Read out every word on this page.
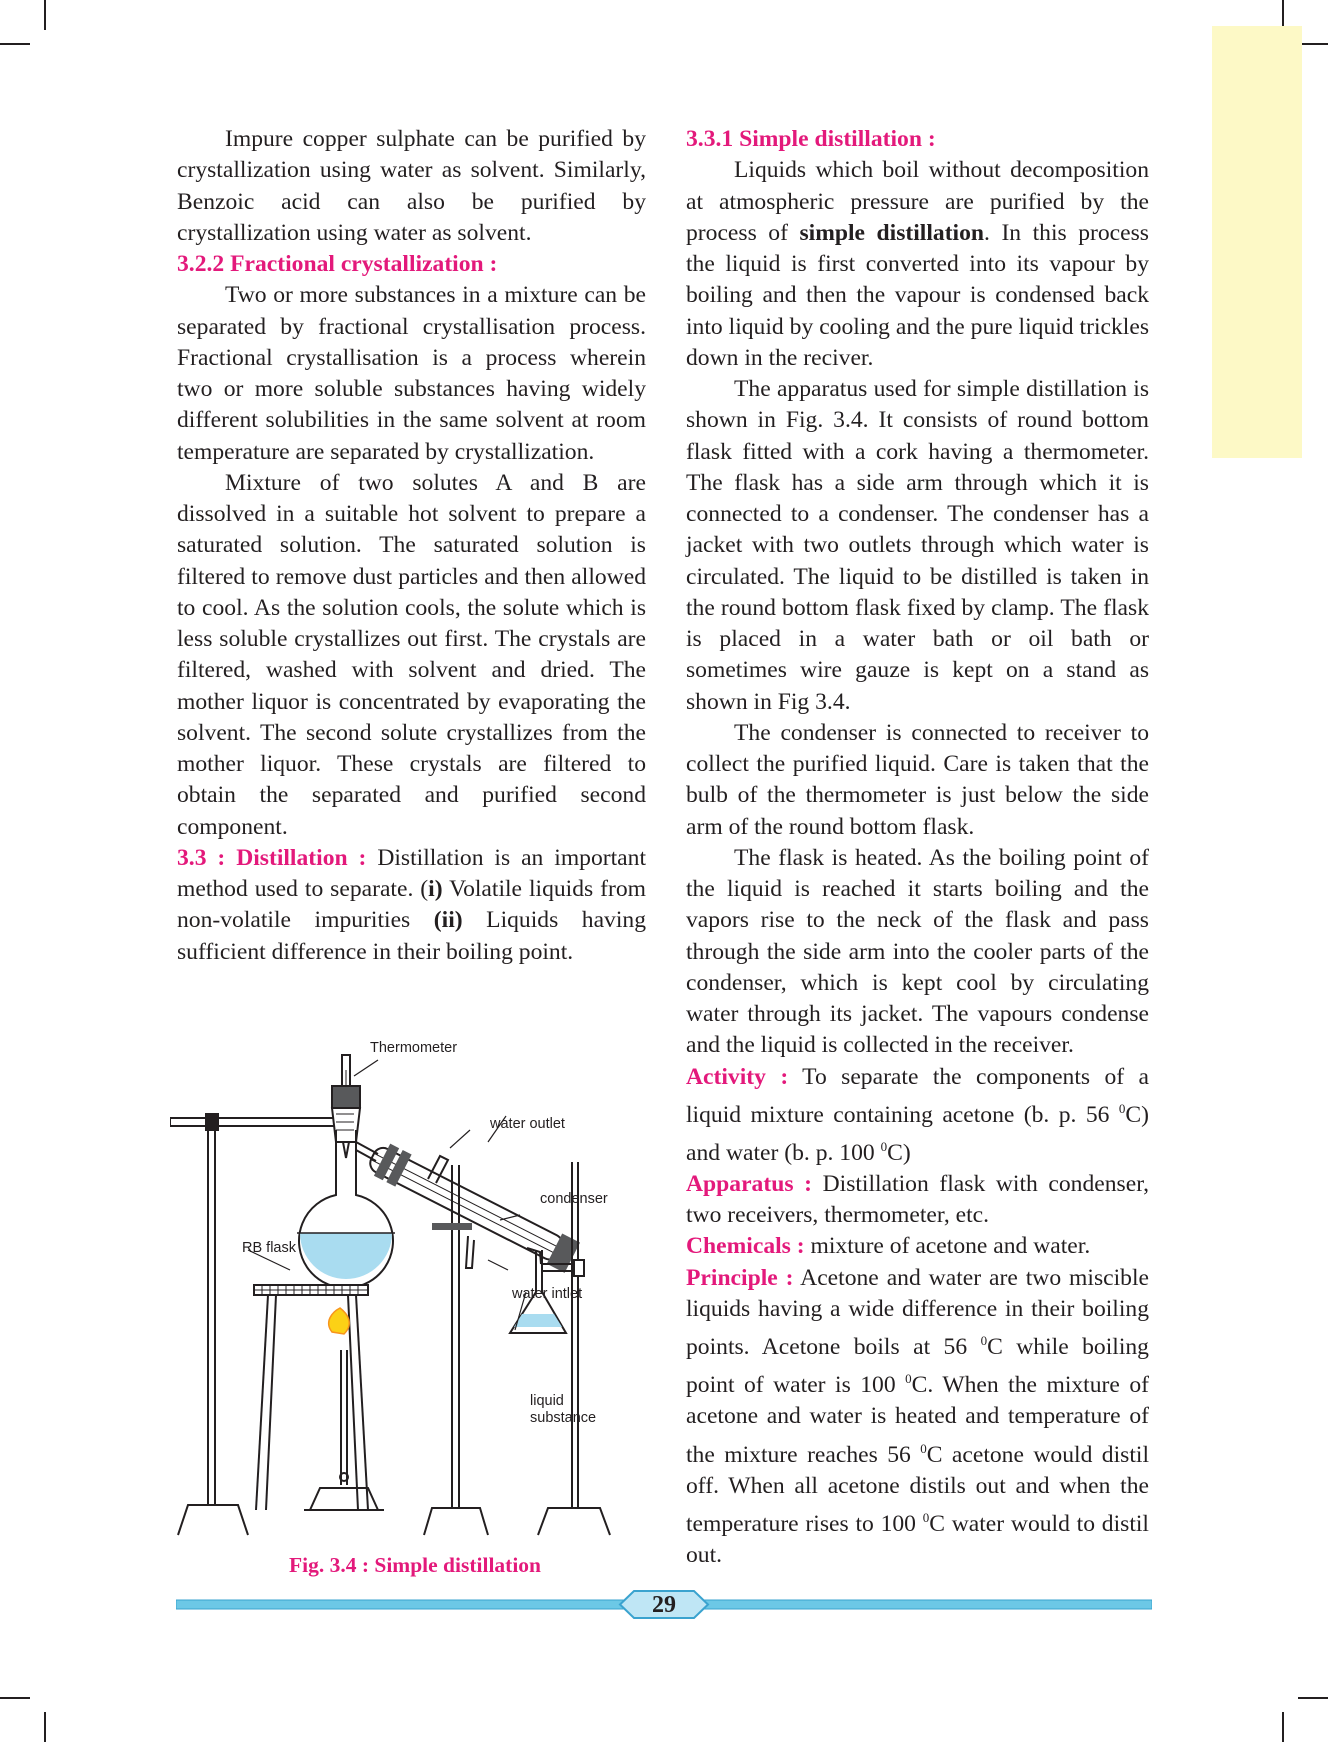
Impure copper sulphate can be purified by crystallization using water as solvent. Similarly, Benzoic acid can also be purified by crystallization using water as solvent.

3.2.2 Fractional crystallization :

Two or more substances in a mixture can be separated by fractional crystallisation process. Fractional crystallisation is a process wherein two or more soluble substances having widely different solubilities in the same solvent at room temperature are separated by crystallization.

Mixture of two solutes A and B are dissolved in a suitable hot solvent to prepare a saturated solution. The saturated solution is filtered to remove dust particles and then allowed to cool. As the solution cools, the solute which is less soluble crystallizes out first. The crystals are filtered, washed with solvent and dried. The mother liquor is concentrated by evaporating the solvent. The second solute crystallizes from the mother liquor. These crystals are filtered to obtain the separated and purified second component.

3.3 : Distillation : Distillation is an important method used to separate. (i) Volatile liquids from non-volatile impurities (ii) Liquids having sufficient difference in their boiling point.

3.3.1 Simple distillation :

Liquids which boil without decomposition at atmospheric pressure are purified by the process of simple distillation. In this process the liquid is first converted into its vapour by boiling and then the vapour is condensed back into liquid by cooling and the pure liquid trickles down in the reciver.

The apparatus used for simple distillation is shown in Fig. 3.4. It consists of round bottom flask fitted with a cork having a thermometer. The flask has a side arm through which it is connected to a condenser. The condenser has a jacket with two outlets through which water is circulated. The liquid to be distilled is taken in the round bottom flask fixed by clamp. The flask is placed in a water bath or oil bath or sometimes wire gauze is kept on a stand as shown in Fig 3.4.

The condenser is connected to receiver to collect the purified liquid. Care is taken that the bulb of the thermometer is just below the side arm of the round bottom flask.

The flask is heated. As the boiling point of the liquid is reached it starts boiling and the vapors rise to the neck of the flask and pass through the side arm into the cooler parts of the condenser, which is kept cool by circulating water through its jacket. The vapours condense and the liquid is collected in the receiver.

Activity : To separate the components of a liquid mixture containing acetone (b. p. 56 $^0$C) and water (b. p. 100 $^0$C)

Apparatus : Distillation flask with condenser, two receivers, thermometer, etc.

Chemicals : mixture of acetone and water.

Principle : Acetone and water are two miscible liquids having a wide difference in their boiling points. Acetone boils at 56 $^0$C while boiling point of water is 100 $^0$C. When the mixture of acetone and water is heated and temperature of the mixture reaches 56 $^0$C acetone would distil off. When all acetone distils out and when the temperature rises to 100 $^0$C water would to distil out.

Thermometer
water outlet
condenser
RB flask
water intlet
liquid
substance
Fig. 3.4 : Simple distillation
29
